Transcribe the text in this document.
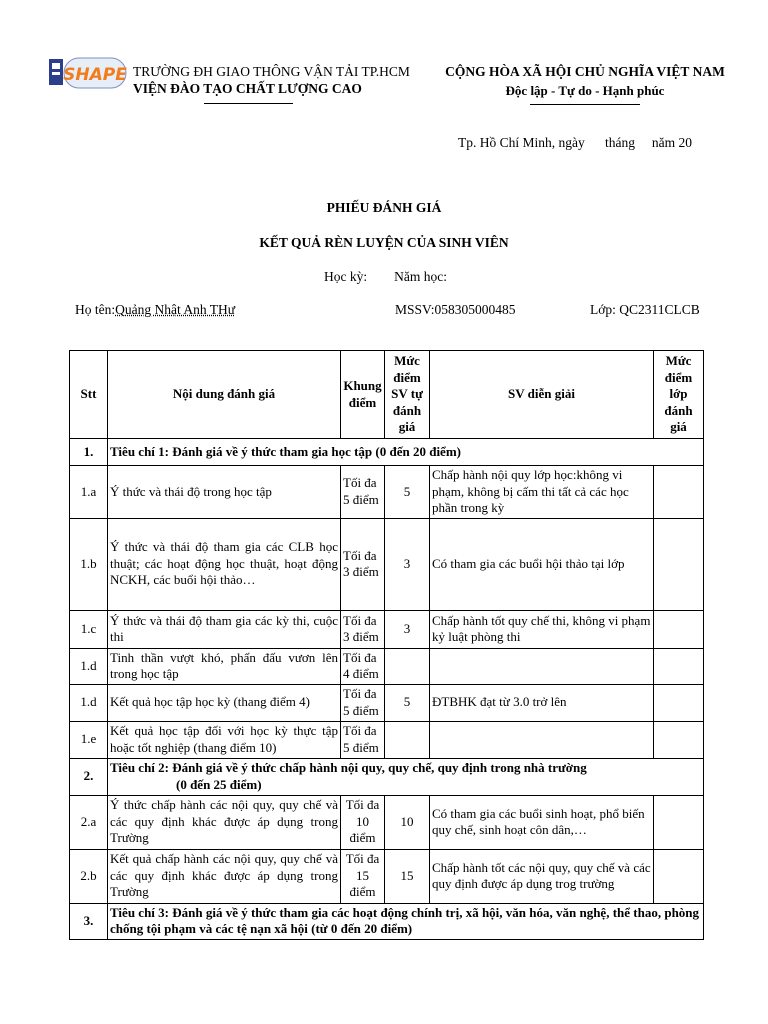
SHAPE TRƯỜNG ĐH GIAO THÔNG VẬN TẢI TP.HCM
VIỆN ĐÀO TẠO CHẤT LƯỢNG CAO
CỘNG HÒA XÃ HỘI CHỦ NGHĨA VIỆT NAM
Độc lập - Tự do - Hạnh phúc
Tp. Hồ Chí Minh, ngày      tháng     năm 20
PHIẾU ĐÁNH GIÁ
KẾT QUẢ RÈN LUYỆN CỦA SINH VIÊN
Học kỳ:        Năm học:
Họ tên:Quảng Nhật Anh THư	MSSV:058305000485	Lớp: QC2311CLCB
Stt	Nội dung đánh giá	Khung điểm	Mức điểm SV tự đánh giá	SV diễn giải	Mức điểm lớp đánh giá
1.	Tiêu chí 1: Đánh giá về ý thức tham gia học tập (0 đến 20 điểm)				
1.a	Ý thức và thái độ trong học tập	Tối đa 5 điểm	5	Chấp hành nội quy lớp học:không vi phạm, không bị cấm thi tất cả các học phần trong kỳ	
1.b	Ý thức và thái độ tham gia các CLB học thuật; các hoạt động học thuật, hoạt động NCKH, các buổi hội thảo…	Tối đa 3 điểm	3	Có tham gia các buổi hội thảo tại lớp	
1.c	Ý thức và thái độ tham gia các kỳ thi, cuộc thi	Tối đa 3 điểm	3	Chấp hành tốt quy chế thi, không vi phạm kỷ luật phòng thi	
1.d	Tinh thần vượt khó, phấn đấu vươn lên trong học tập	Tối đa 4 điểm			
1.d	Kết quả học tập học kỳ (thang điểm 4)	Tối đa 5 điểm	5	ĐTBHK đạt từ 3.0 trở lên	
1.e	Kết quả học tập đối với học kỳ thực tập hoặc tốt nghiệp (thang điểm 10)	Tối đa 5 điểm			
2.	Tiêu chí 2: Đánh giá về ý thức chấp hành nội quy, quy chế, quy định trong nhà trường
(0 đến 25 điểm)				

2.a	Ý thức chấp hành các nội quy, quy chế và các quy định khác được áp dụng trong Trường	Tối đa 10 điểm	10	Có tham gia các buổi sinh hoạt, phổ biến quy chế, sinh hoạt côn dân,…	
2.b	Kết quả chấp hành các nội quy, quy chế và các quy định khác được áp dụng trong Trường	Tối đa 15 điểm	15	Chấp hành tốt các nội quy, quy chế và các quy định được áp dụng trog trường	
3.	Tiêu chí 3: Đánh giá về ý thức tham gia các hoạt động chính trị, xã hội, văn hóa, văn nghệ, thể thao, phòng chống tội phạm và các tệ nạn xã hội (từ 0 đến 20 điểm)				
